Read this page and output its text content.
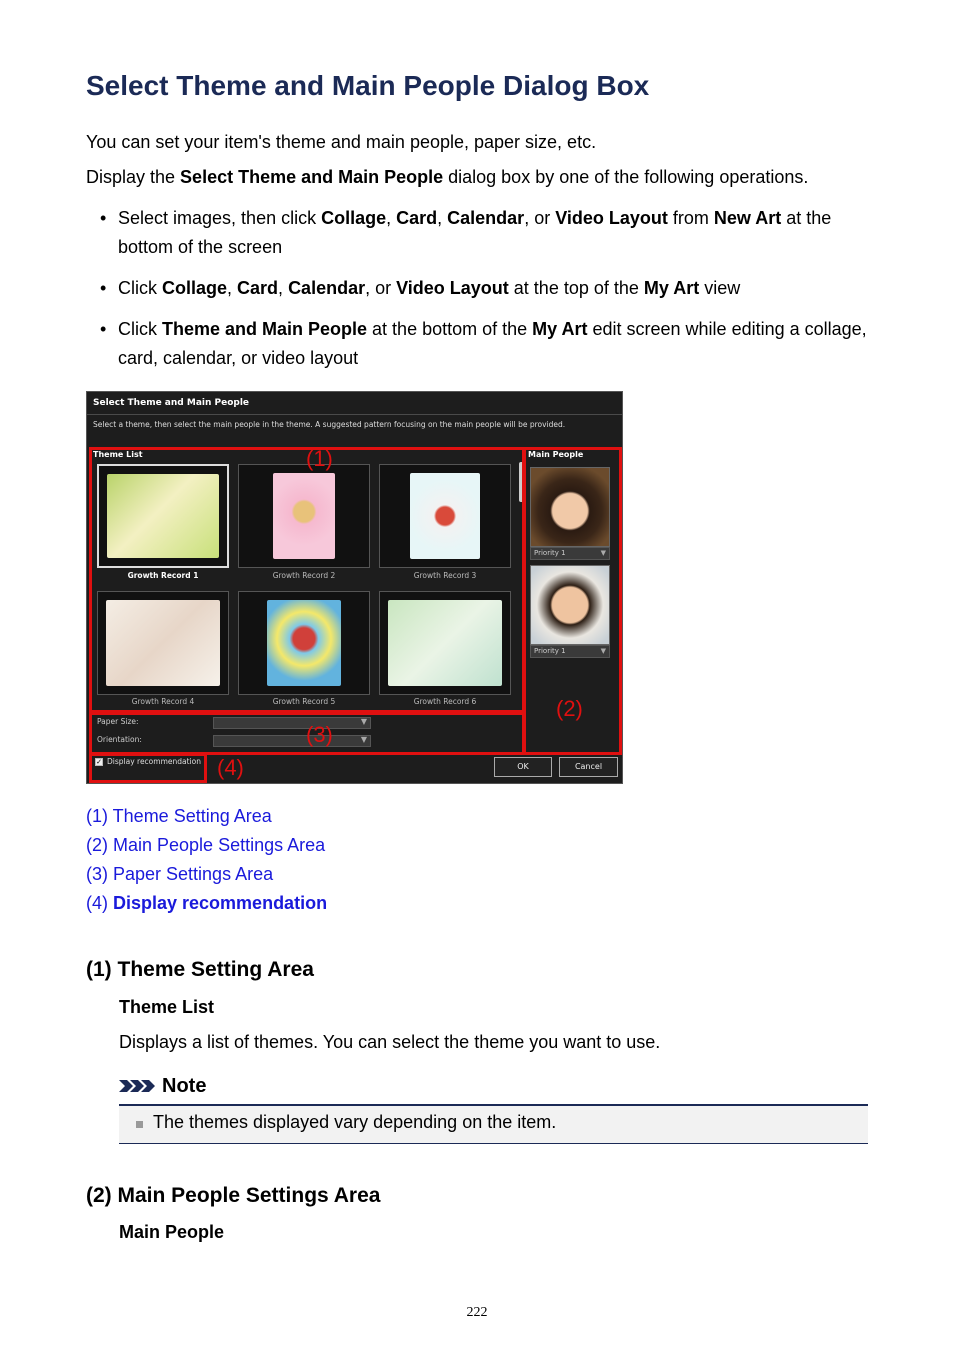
Select Theme and Main People Dialog Box

You can set your item's theme and main people, paper size, etc.

Display the Select Theme and Main People dialog box by one of the following operations.

• Select images, then click Collage, Card, Calendar, or Video Layout from New Art at the bottom of the screen
• Click Collage, Card, Calendar, or Video Layout at the top of the My Art view
• Click Theme and Main People at the bottom of the My Art edit screen while editing a collage, card, calendar, or video layout
Select Theme and Main People
Select a theme, then select the main people in the theme. A suggested pattern focusing on the main people will be provided.
Theme List
Growth Record 1	Growth Record 2	Growth Record 3
Growth Record 4	Growth Record 5	Growth Record 6
Main People
Priority 1	▼
Priority 1	▼
Paper Size:	▼
Orientation:	▼
✓ Display recommendation
OK	Cancel
(1)
(2)
(3)
(4)
(1) Theme Setting Area
(2) Main People Settings Area
(3) Paper Settings Area
(4) Display recommendation
(1) Theme Setting Area
Theme List

Displays a list of themes. You can select the theme you want to use.

Note
The themes displayed vary depending on the item.
(2) Main People Settings Area
Main People
222
